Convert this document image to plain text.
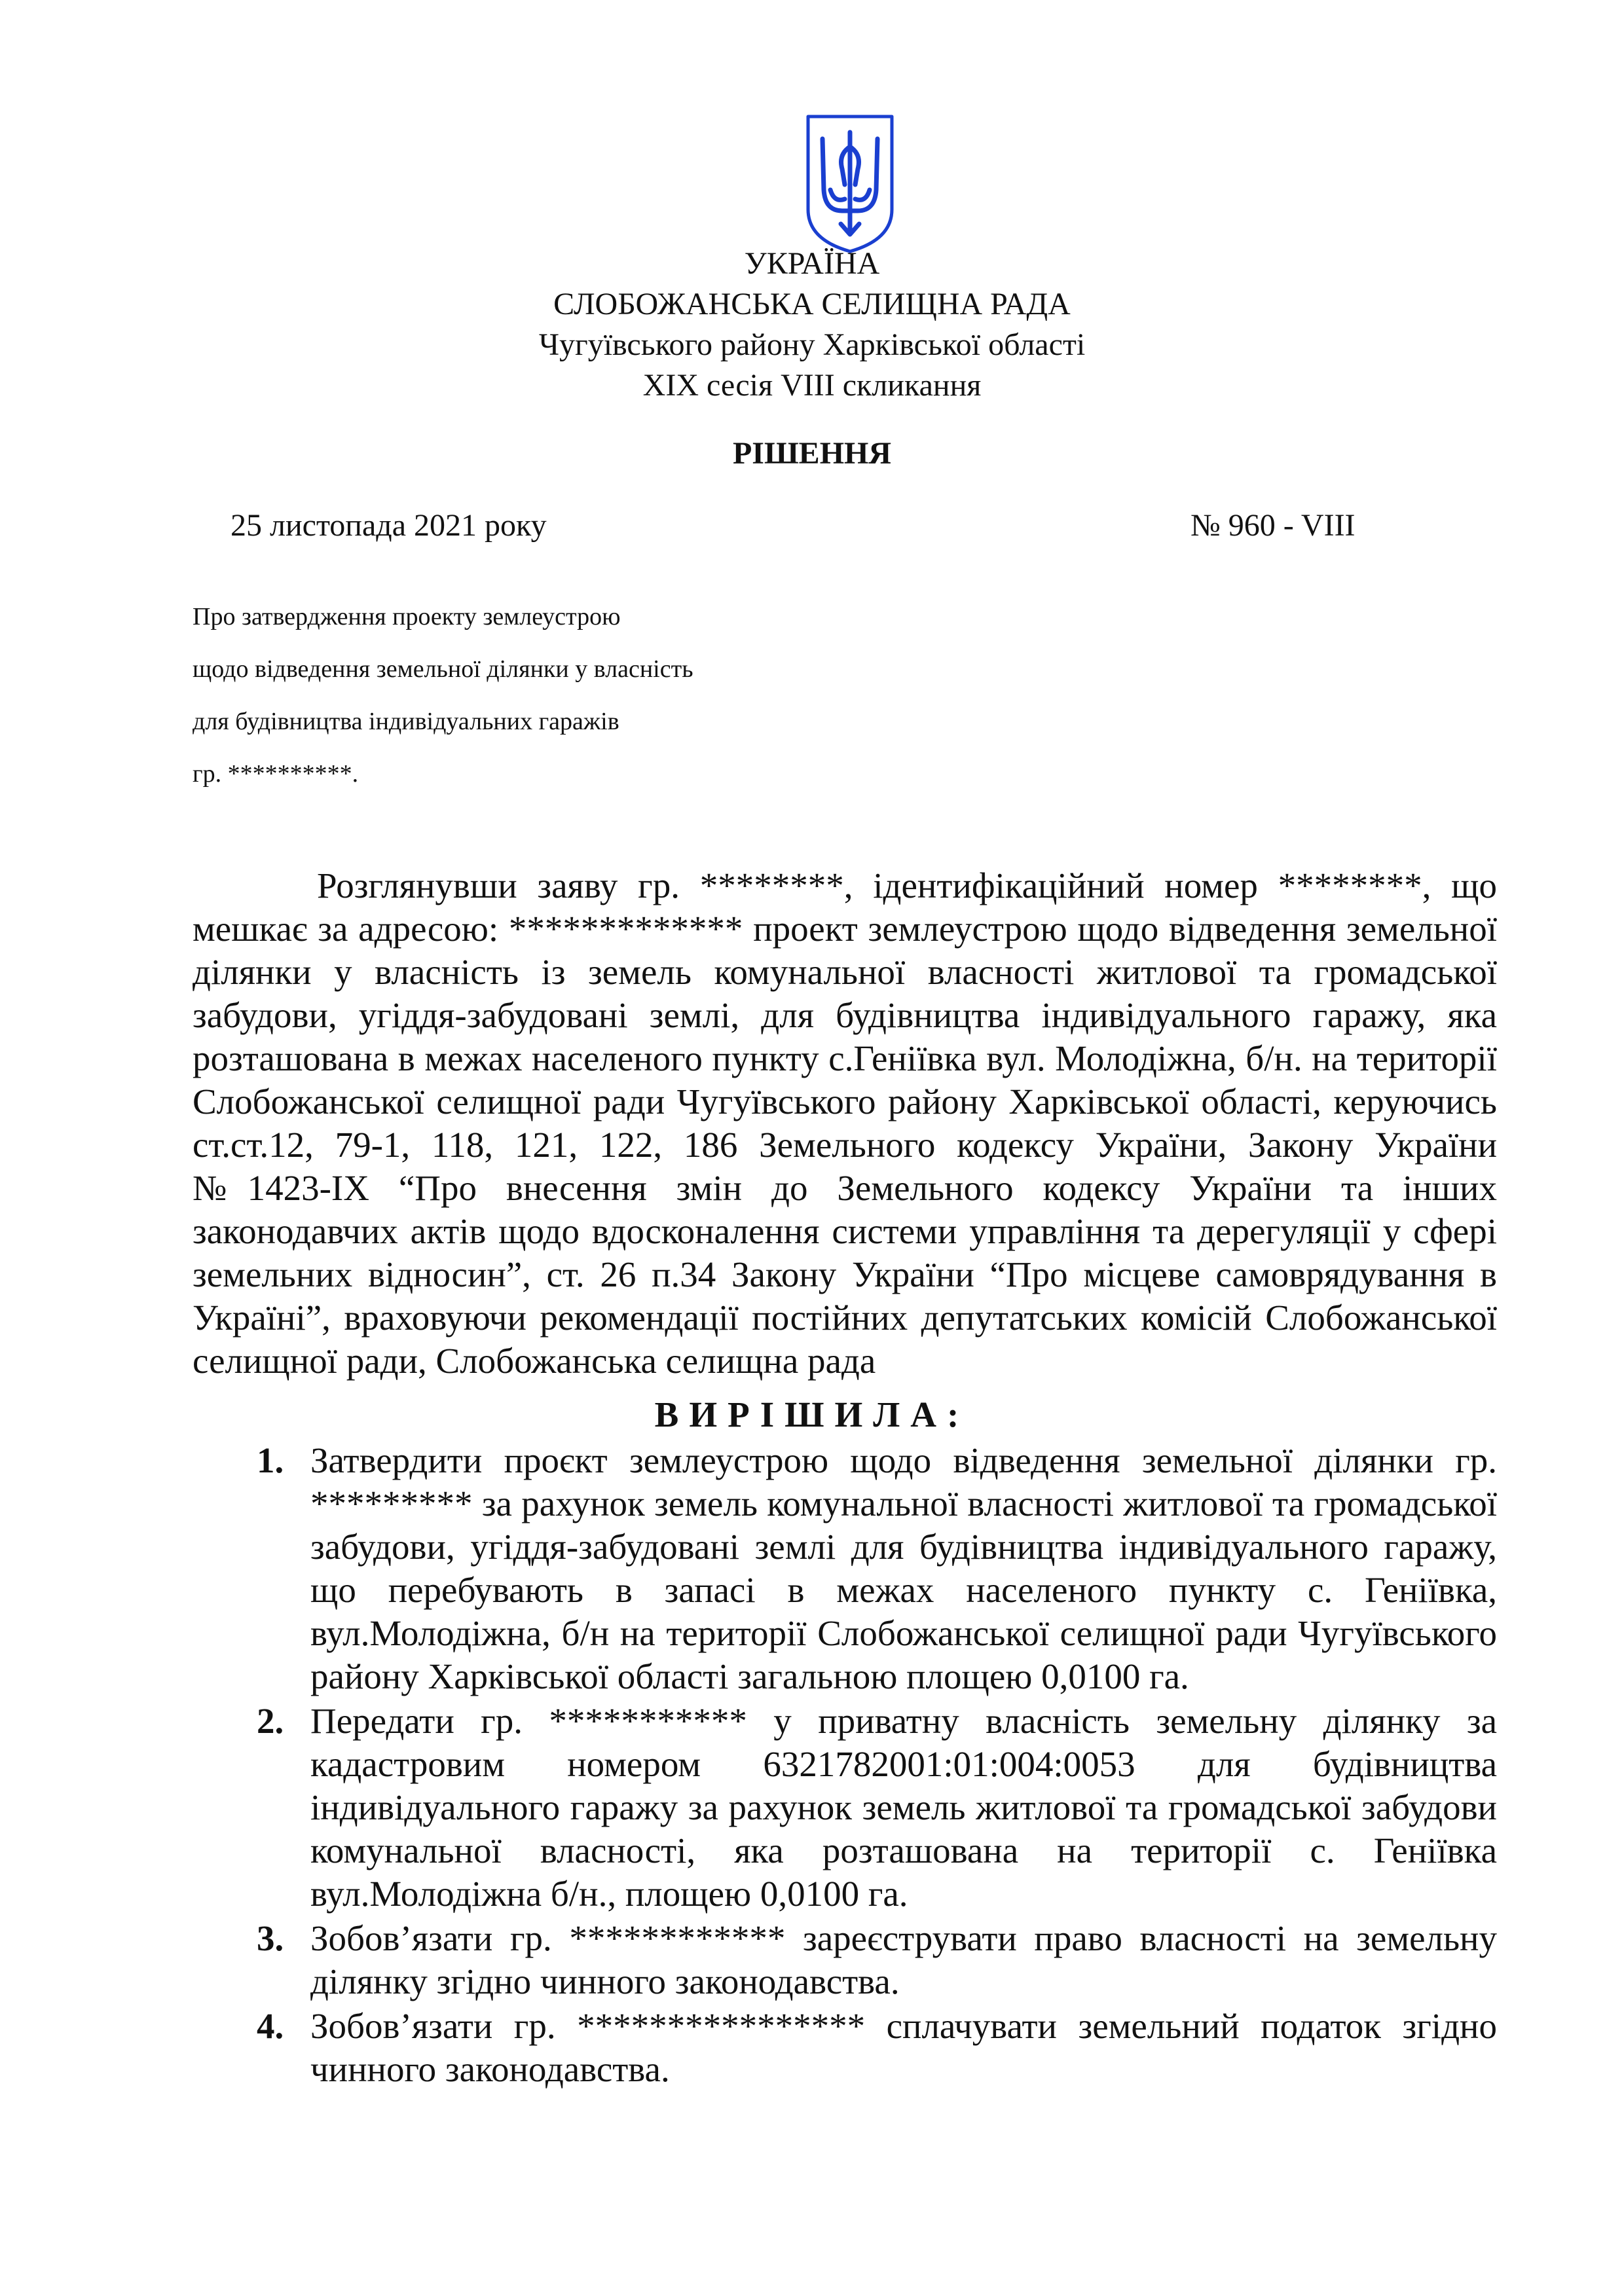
УКРАЇНА
СЛОБОЖАНСЬКА СЕЛИЩНА РАДА
Чугуївського району Харківської області
ХІХ сесія VIII скликання
РІШЕННЯ
25 листопада 2021 року	№ 960 - VIII
Про затвердження проекту землеустрою
щодо відведення земельної ділянки у власність
для будівництва індивідуальних гаражів
гр. **********.
Розглянувши заяву гр. ********, ідентифікаційний номер ********, що мешкає за адресою: ************* проект землеустрою щодо відведення земельної ділянки у власність із земель комунальної власності житлової та громадської забудови, угіддя-забудовані землі, для будівництва індивідуального гаражу, яка розташована в межах населеного пункту с.Геніївка вул. Молодіжна, б/н. на території Слобожанської селищної ради Чугуївського району Харківської області, керуючись ст.ст.12, 79-1, 118, 121, 122, 186 Земельного кодексу України, Закону України №1423-IX “Про внесення змін до Земельного кодексу України та інших законодавчих актів щодо вдосконалення системи управління та дерегуляції у сфері земельних відносин”, ст. 26 п.34 Закону України “Про місцеве самоврядування в Україні”, враховуючи рекомендації постійних депутатських комісій Слобожанської селищної ради, Слобожанська селищна рада
ВИРІШИЛА:
1. Затвердити проєкт землеустрою щодо відведення земельної ділянки гр. ********* за рахунок земель комунальної власності житлової та громадської забудови, угіддя-забудовані землі для будівництва індивідуального гаражу, що перебувають в запасі в межах населеного пункту с. Геніївка, вул.Молодіжна, б/н на території Слобожанської селищної ради Чугуївського району Харківської області загальною площею 0,0100 га.
2. Передати гр. *********** у приватну власність земельну ділянку за кадастровим номером 6321782001:01:004:0053 для будівництва індивідуального гаражу за рахунок земель житлової та громадської забудови комунальної власності, яка розташована на території с. Геніївка вул.Молодіжна б/н., площею 0,0100 га.
3. Зобов’язати гр. ************ зареєструвати право власності на земельну ділянку згідно чинного законодавства.
4. Зобов’язати гр. **************** сплачувати земельний податок згідно чинного законодавства.
